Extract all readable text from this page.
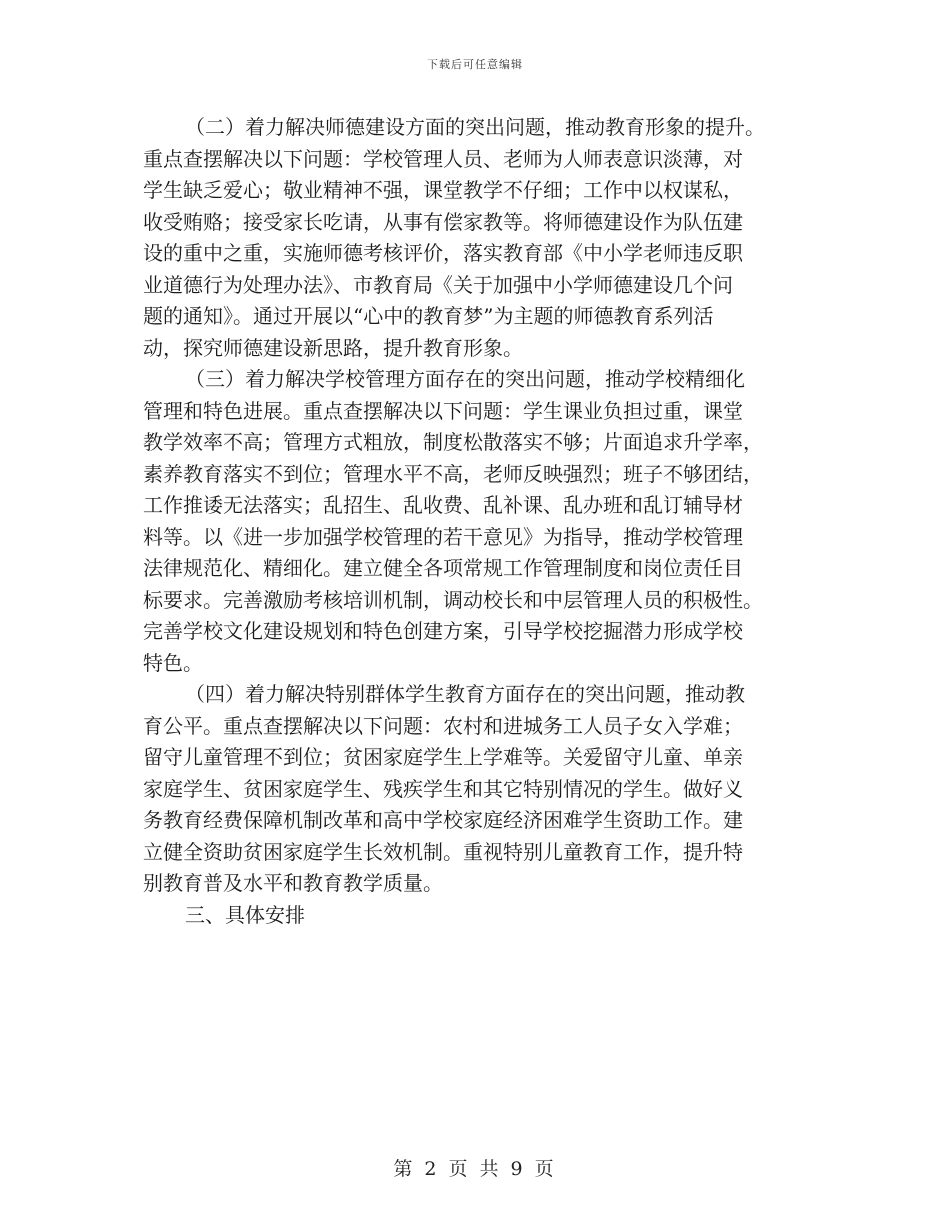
下载后可任意编辑

（二）着力解决师德建设方面的突出问题，推动教育形象的提升。
重点查摆解决以下问题：学校管理人员、老师为人师表意识淡薄，对
学生缺乏爱心；敬业精神不强，课堂教学不仔细；工作中以权谋私，
收受贿赂；接受家长吃请，从事有偿家教等。将师德建设作为队伍建
设的重中之重，实施师德考核评价，落实教育部《中小学老师违反职
业道德行为处理办法》、市教育局《关于加强中小学师德建设几个问
题的通知》。通过开展以“心中的教育梦”为主题的师德教育系列活
动，探究师德建设新思路，提升教育形象。

（三）着力解决学校管理方面存在的突出问题，推动学校精细化
管理和特色进展。重点查摆解决以下问题：学生课业负担过重，课堂
教学效率不高；管理方式粗放，制度松散落实不够；片面追求升学率，
素养教育落实不到位；管理水平不高，老师反映强烈；班子不够团结，
工作推诿无法落实；乱招生、乱收费、乱补课、乱办班和乱订辅导材
料等。以《进一步加强学校管理的若干意见》为指导，推动学校管理
法律规范化、精细化。建立健全各项常规工作管理制度和岗位责任目
标要求。完善激励考核培训机制，调动校长和中层管理人员的积极性。
完善学校文化建设规划和特色创建方案，引导学校挖掘潜力形成学校
特色。

（四）着力解决特别群体学生教育方面存在的突出问题，推动教
育公平。重点查摆解决以下问题：农村和进城务工人员子女入学难；
留守儿童管理不到位；贫困家庭学生上学难等。关爱留守儿童、单亲
家庭学生、贫困家庭学生、残疾学生和其它特别情况的学生。做好义
务教育经费保障机制改革和高中学校家庭经济困难学生资助工作。建
立健全资助贫困家庭学生长效机制。重视特别儿童教育工作，提升特
别教育普及水平和教育教学质量。

三、具体安排

第 2 页 共 9 页
